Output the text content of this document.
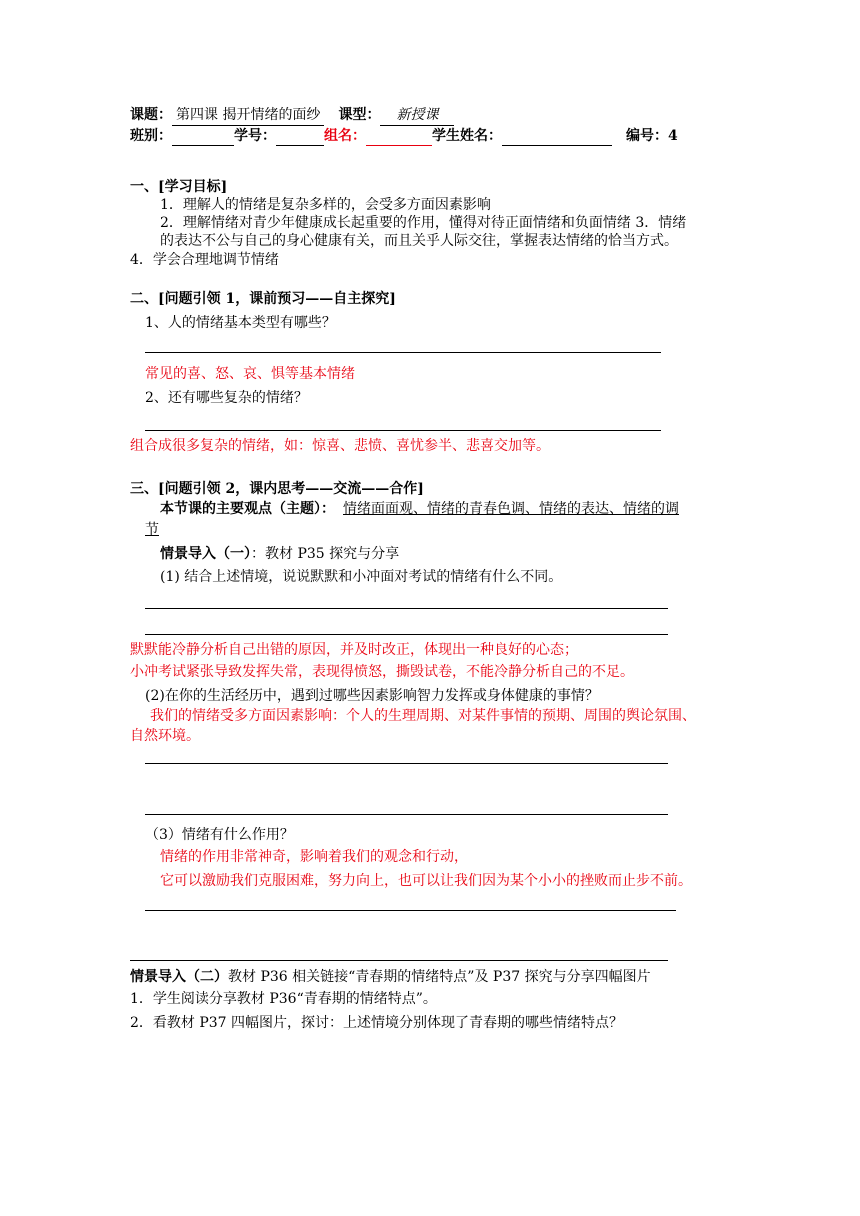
课题： 第四课 揭开情绪的面纱 课型： 新授课
班别：	学号：	组名：	学生姓名：	编号：4
一、[学习目标]
1．理解人的情绪是复杂多样的，会受多方面因素影响
2．理解情绪对青少年健康成长起重要的作用，懂得对待正面情绪和负面情绪 3．情绪
的表达不公与自己的身心健康有关，而且关乎人际交往，掌握表达情绪的恰当方式。
4．学会合理地调节情绪
二、[问题引领 1，课前预习——自主探究]
1、人的情绪基本类型有哪些？
常见的喜、怒、哀、惧等基本情绪
2、还有哪些复杂的情绪？
组合成很多复杂的情绪，如：惊喜、悲愤、喜忧参半、悲喜交加等。
三、[问题引领 2，课内思考——交流——合作]
本节课的主要观点（主题）： 情绪面面观、情绪的青春色调、情绪的表达、情绪的调
节
情景导入（一）：教材 P35 探究与分享
(1) 结合上述情境，说说默默和小冲面对考试的情绪有什么不同。
默默能冷静分析自己出错的原因，并及时改正，体现出一种良好的心态；
小冲考试紧张导致发挥失常，表现得愤怒，撕毁试卷，不能冷静分析自己的不足。
(2)在你的生活经历中，遇到过哪些因素影响智力发挥或身体健康的事情？
我们的情绪受多方面因素影响：个人的生理周期、对某件事情的预期、周围的舆论氛围、
自然环境。
（3）情绪有什么作用？
情绪的作用非常神奇，影响着我们的观念和行动，
它可以激励我们克服困难，努力向上，也可以让我们因为某个小小的挫败而止步不前。
情景导入（二）教材 P36 相关链接“青春期的情绪特点”及 P37 探究与分享四幅图片
1．学生阅读分享教材 P36“青春期的情绪特点”。
2．看教材 P37 四幅图片，探讨：上述情境分别体现了青春期的哪些情绪特点？
